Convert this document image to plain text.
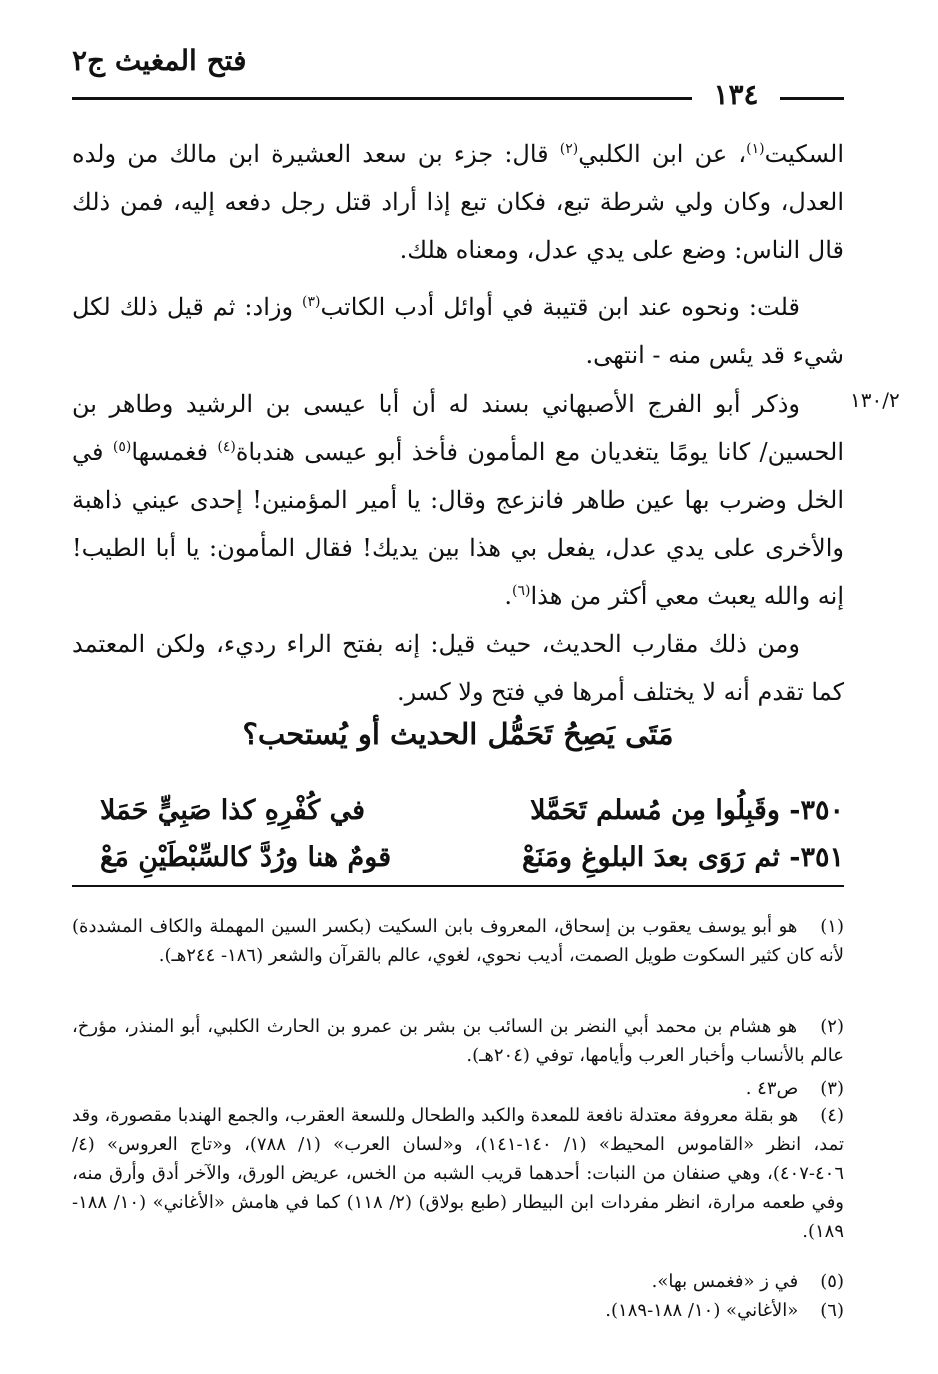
فتح المغيث ج٢
١٣٤
١٣٠/٢
السكيت$^{(١)}$، عن ابن الكلبي$^{(٢)}$ قال: جزء بن سعد العشيرة ابن مالك من ولده العدل، وكان ولي شرطة تبع، فكان تبع إذا أراد قتل رجل دفعه إليه، فمن ذلك قال الناس: وضع على يدي عدل، ومعناه هلك.
قلت: ونحوه عند ابن قتيبة في أوائل أدب الكاتب$^{(٣)}$ وزاد: ثم قيل ذلك لكل شيء قد يئس منه - انتهى.
وذكر أبو الفرج الأصبهاني بسند له أن أبا عيسى بن الرشيد وطاهر بن الحسين/ كانا يومًا يتغديان مع المأمون فأخذ أبو عيسى هندباة$^{(٤)}$ فغمسها$^{(٥)}$ في الخل وضرب بها عين طاهر فانزعج وقال: يا أمير المؤمنين! إحدى عيني ذاهبة والأخرى على يدي عدل، يفعل بي هذا بين يديك! فقال المأمون: يا أبا الطيب! إنه والله يعبث معي أكثر من هذا$^{(٦)}$.
ومن ذلك مقارب الحديث، حيث قيل: إنه بفتح الراء رديء، ولكن المعتمد كما تقدم أنه لا يختلف أمرها في فتح ولا كسر.
مَتَى يَصِحُ تَحَمُّل الحديث أو يُستحب؟
٣٥٠- وقَبِلُوا مِن مُسلم تَحَمَّلا
في كُفْرِهِ كذا صَبِيٍّ حَمَلا
٣٥١- ثم رَوَى بعدَ البلوغِ ومَنَعْ
قومٌ هنا ورُدَّ كالسِّبْطَيْنِ مَعْ
(١) هو أبو يوسف يعقوب بن إسحاق، المعروف بابن السكيت (بكسر السين المهملة والكاف المشددة) لأنه كان كثير السكوت طويل الصمت، أديب نحوي، لغوي، عالم بالقرآن والشعر (١٨٦- ٢٤٤هـ).
(٢) هو هشام بن محمد أبي النضر بن السائب بن بشر بن عمرو بن الحارث الكلبي، أبو المنذر، مؤرخ، عالم بالأنساب وأخبار العرب وأيامها، توفي (٢٠٤هـ).
(٣) ص٤٣ .
(٤) هو بقلة معروفة معتدلة نافعة للمعدة والكبد والطحال وللسعة العقرب، والجمع الهندبا مقصورة، وقد تمد، انظر «القاموس المحيط» (١/ ١٤٠-١٤١)، و«لسان العرب» (١/ ٧٨٨)، و«تاج العروس» (٤/ ٤٠٦-٤٠٧)، وهي صنفان من النبات: أحدهما قريب الشبه من الخس، عريض الورق، والآخر أدق وأرق منه، وفي طعمه مرارة، انظر مفردات ابن البيطار (طبع بولاق) (٢/ ١١٨) كما في هامش «الأغاني» (١٠/ ١٨٨- ١٨٩).
(٥) في ز «فغمس بها».
(٦) «الأغاني» (١٠/ ١٨٨-١٨٩).
